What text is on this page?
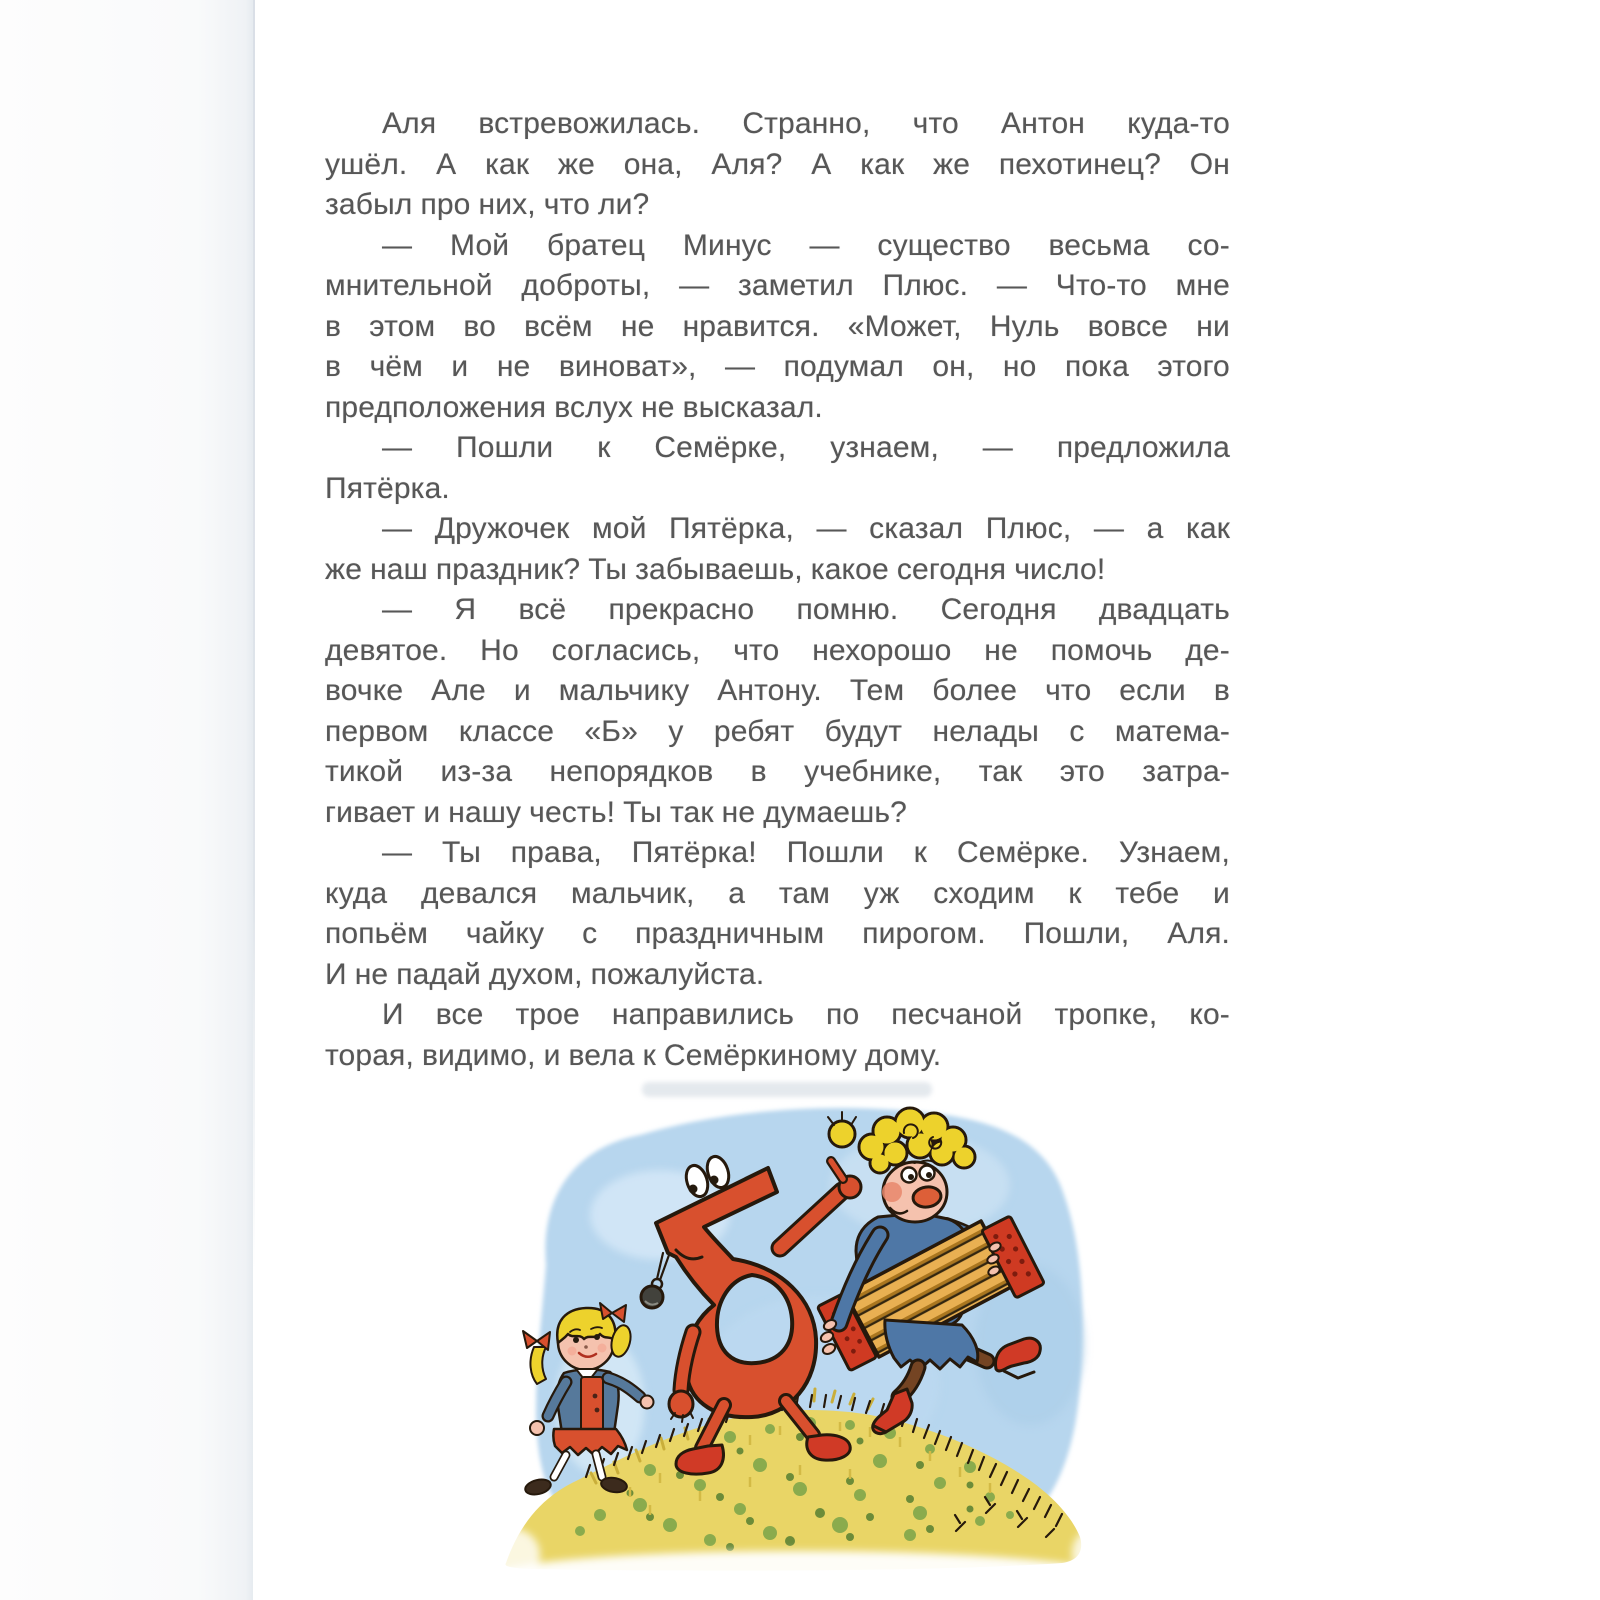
Аля встревожилась. Странно, что Антон куда-то
ушёл. А как же она, Аля? А как же пехотинец? Он
забыл про них, что ли?

— Мой братец Минус — существо весьма со-
мнительной доброты, — заметил Плюс. — Что-то мне
в этом во всём не нравится. «Может, Нуль вовсе ни
в чём и не виноват», — подумал он, но пока этого
предположения вслух не высказал.

— Пошли к Семёрке, узнаем, — предложила
Пятёрка.

— Дружочек мой Пятёрка, — сказал Плюс, — а как
же наш праздник? Ты забываешь, какое сегодня число!

— Я всё прекрасно помню. Сегодня двадцать
девятое. Но согласись, что нехорошо не помочь де-
вочке Але и мальчику Антону. Тем более что если в
первом классе «Б» у ребят будут нелады с матема-
тикой из-за непорядков в учебнике, так это затра-
гивает и нашу честь! Ты так не думаешь?

— Ты права, Пятёрка! Пошли к Семёрке. Узнаем,
куда девался мальчик, а там уж сходим к тебе и
попьём чайку с праздничным пирогом. Пошли, Аля.
И не падай духом, пожалуйста.

И все трое направились по песчаной тропке, ко-
торая, видимо, и вела к Семёркиному дому.
